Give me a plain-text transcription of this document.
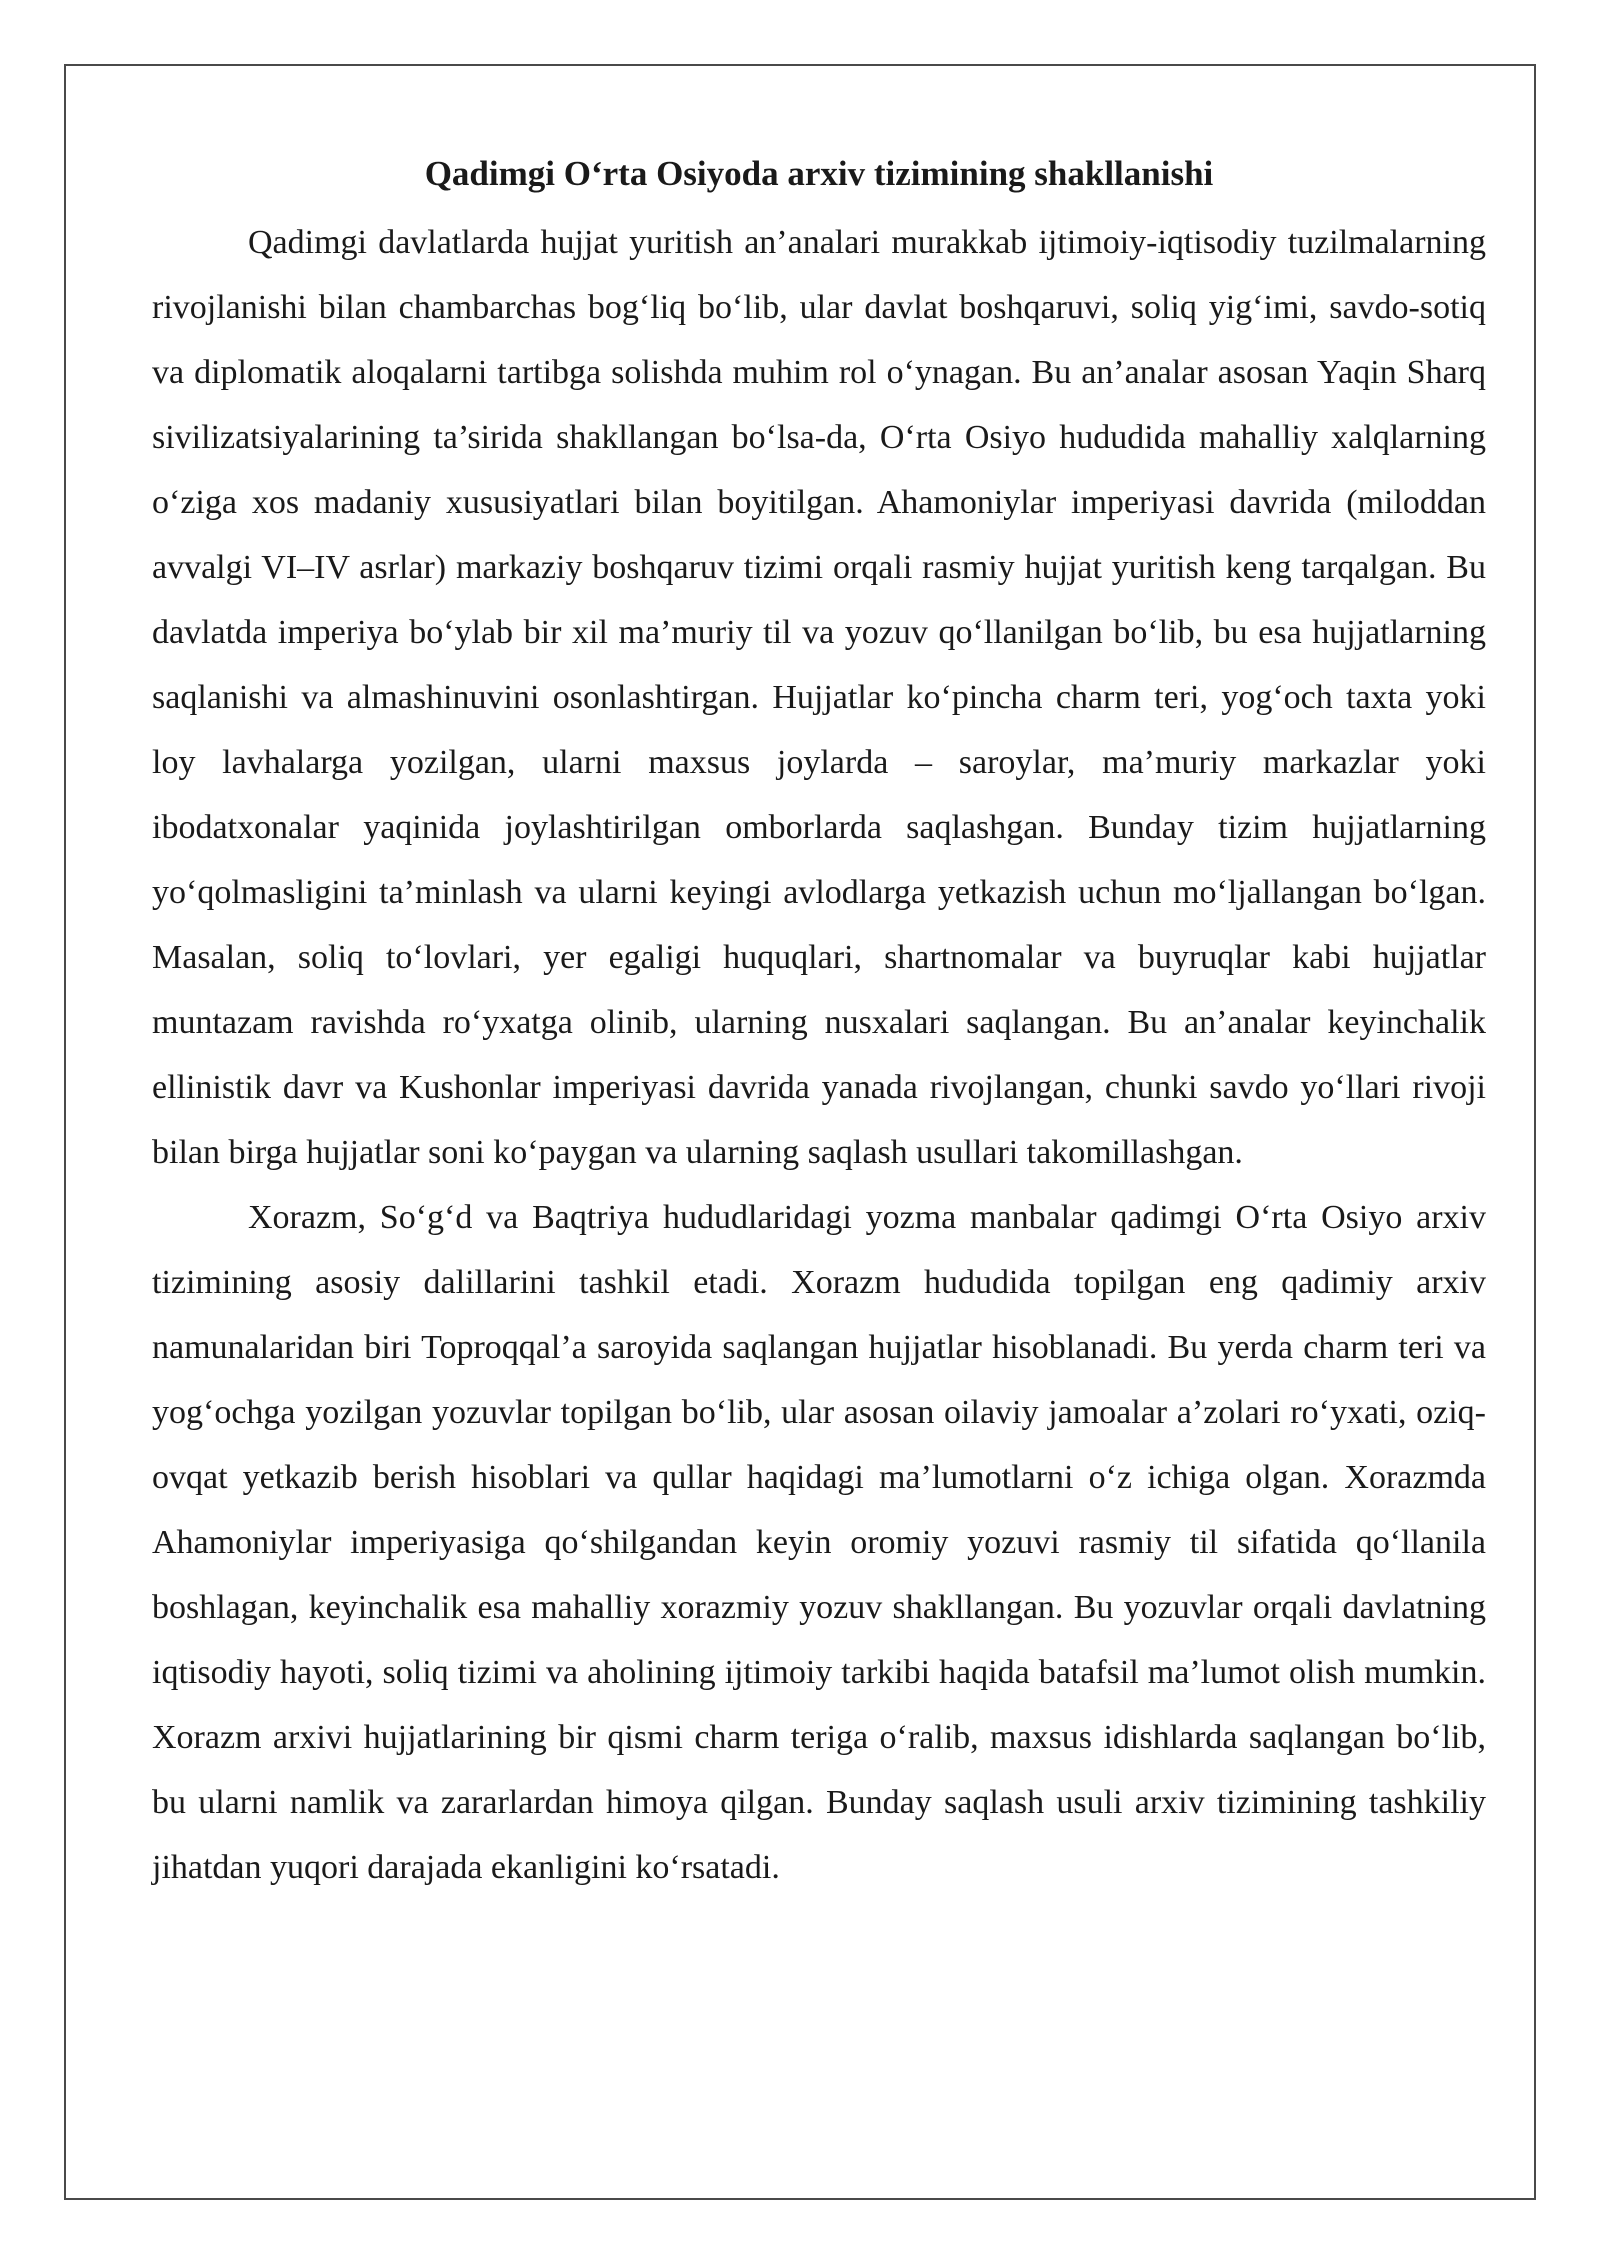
Qadimgi O‘rta Osiyoda arxiv tizimining shakllanishi

Qadimgi davlatlarda hujjat yuritish an’analari murakkab ijtimoiy-iqtisodiy tuzilmalarning rivojlanishi bilan chambarchas bog‘liq bo‘lib, ular davlat boshqaruvi, soliq yig‘imi, savdo-sotiq va diplomatik aloqalarni tartibga solishda muhim rol o‘ynagan. Bu an’analar asosan Yaqin Sharq sivilizatsiyalarining ta’sirida shakllangan bo‘lsa-da, O‘rta Osiyo hududida mahalliy xalqlarning o‘ziga xos madaniy xususiyatlari bilan boyitilgan. Ahamoniylar imperiyasi davrida (miloddan avvalgi VI–IV asrlar) markaziy boshqaruv tizimi orqali rasmiy hujjat yuritish keng tarqalgan. Bu davlatda imperiya bo‘ylab bir xil ma’muriy til va yozuv qo‘llanilgan bo‘lib, bu esa hujjatlarning saqlanishi va almashinuvini osonlashtirgan. Hujjatlar ko‘pincha charm teri, yog‘och taxta yoki loy lavhalarga yozilgan, ularni maxsus joylarda – saroylar, ma’muriy markazlar yoki ibodatxonalar yaqinida joylashtirilgan omborlarda saqlashgan. Bunday tizim hujjatlarning yo‘qolmasligini ta’minlash va ularni keyingi avlodlarga yetkazish uchun mo‘ljallangan bo‘lgan. Masalan, soliq to‘lovlari, yer egaligi huquqlari, shartnomalar va buyruqlar kabi hujjatlar muntazam ravishda ro‘yxatga olinib, ularning nusxalari saqlangan. Bu an’analar keyinchalik ellinistik davr va Kushonlar imperiyasi davrida yanada rivojlangan, chunki savdo yo‘llari rivoji bilan birga hujjatlar soni ko‘paygan va ularning saqlash usullari takomillashgan.

Xorazm, So‘g‘d va Baqtriya hududlaridagi yozma manbalar qadimgi O‘rta Osiyo arxiv tizimining asosiy dalillarini tashkil etadi. Xorazm hududida topilgan eng qadimiy arxiv namunalaridan biri Toproqqal’a saroyida saqlangan hujjatlar hisoblanadi. Bu yerda charm teri va yog‘ochga yozilgan yozuvlar topilgan bo‘lib, ular asosan oilaviy jamoalar a’zolari ro‘yxati, oziq-ovqat yetkazib berish hisoblari va qullar haqidagi ma’lumotlarni o‘z ichiga olgan. Xorazmda Ahamoniylar imperiyasiga qo‘shilgandan keyin oromiy yozuvi rasmiy til sifatida qo‘llanila boshlagan, keyinchalik esa mahalliy xorazmiy yozuv shakllangan. Bu yozuvlar orqali davlatning iqtisodiy hayoti, soliq tizimi va aholining ijtimoiy tarkibi haqida batafsil ma’lumot olish mumkin. Xorazm arxivi hujjatlarining bir qismi charm teriga o‘ralib, maxsus idishlarda saqlangan bo‘lib, bu ularni namlik va zararlardan himoya qilgan. Bunday saqlash usuli arxiv tizimining tashkiliy jihatdan yuqori darajada ekanligini ko‘rsatadi.
